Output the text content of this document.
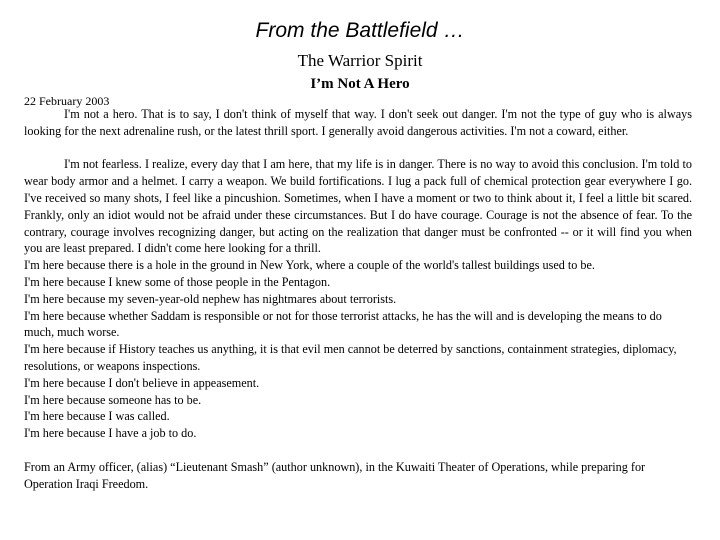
From the Battlefield …
The Warrior Spirit
I’m Not A Hero
22 February 2003

I'm not a hero. That is to say, I don't think of myself that way. I don't seek out danger. I'm not the type of guy who is always looking for the next adrenaline rush, or the latest thrill sport. I generally avoid dangerous activities. I'm not a coward, either.

I'm not fearless. I realize, every day that I am here, that my life is in danger. There is no way to avoid this conclusion. I'm told to wear body armor and a helmet. I carry a weapon. We build fortifications. I lug a pack full of chemical protection gear everywhere I go. I've received so many shots, I feel like a pincushion. Sometimes, when I have a moment or two to think about it, I feel a little bit scared. Frankly, only an idiot would not be afraid under these circumstances. But I do have courage. Courage is not the absence of fear. To the contrary, courage involves recognizing danger, but acting on the realization that danger must be confronted -- or it will find you when you are least prepared. I didn't come here looking for a thrill.

I'm here because there is a hole in the ground in New York, where a couple of the world's tallest buildings used to be.

I'm here because I knew some of those people in the Pentagon.

I'm here because my seven-year-old nephew has nightmares about terrorists.

I'm here because whether Saddam is responsible or not for those terrorist attacks, he has the will and is developing the means to do much, much worse.

I'm here because if History teaches us anything, it is that evil men cannot be deterred by sanctions, containment strategies, diplomacy, resolutions, or weapons inspections.

I'm here because I don't believe in appeasement.

I'm here because someone has to be.

I'm here because I was called.

I'm here because I have a job to do.

From an Army officer, (alias) “Lieutenant Smash” (author unknown), in the Kuwaiti Theater of Operations, while preparing for Operation Iraqi Freedom.
